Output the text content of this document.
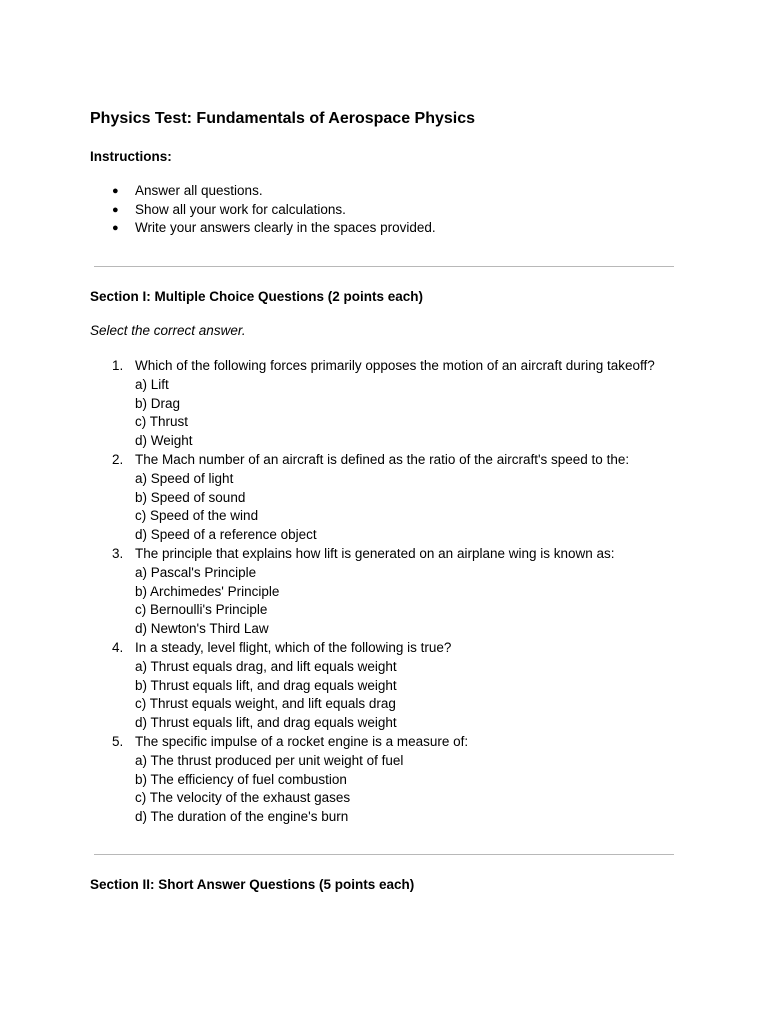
Physics Test: Fundamentals of Aerospace Physics

Instructions:

● Answer all questions.
● Show all your work for calculations.
● Write your answers clearly in the spaces provided.
Section I: Multiple Choice Questions (2 points each)

Select the correct answer.

1. Which of the following forces primarily opposes the motion of an aircraft during takeoff?
a) Lift
b) Drag
c) Thrust
d) Weight
2. The Mach number of an aircraft is defined as the ratio of the aircraft's speed to the:
a) Speed of light
b) Speed of sound
c) Speed of the wind
d) Speed of a reference object
3. The principle that explains how lift is generated on an airplane wing is known as:
a) Pascal's Principle
b) Archimedes' Principle
c) Bernoulli's Principle
d) Newton's Third Law
4. In a steady, level flight, which of the following is true?
a) Thrust equals drag, and lift equals weight
b) Thrust equals lift, and drag equals weight
c) Thrust equals weight, and lift equals drag
d) Thrust equals lift, and drag equals weight
5. The specific impulse of a rocket engine is a measure of:
a) The thrust produced per unit weight of fuel
b) The efficiency of fuel combustion
c) The velocity of the exhaust gases
d) The duration of the engine's burn
Section II: Short Answer Questions (5 points each)
